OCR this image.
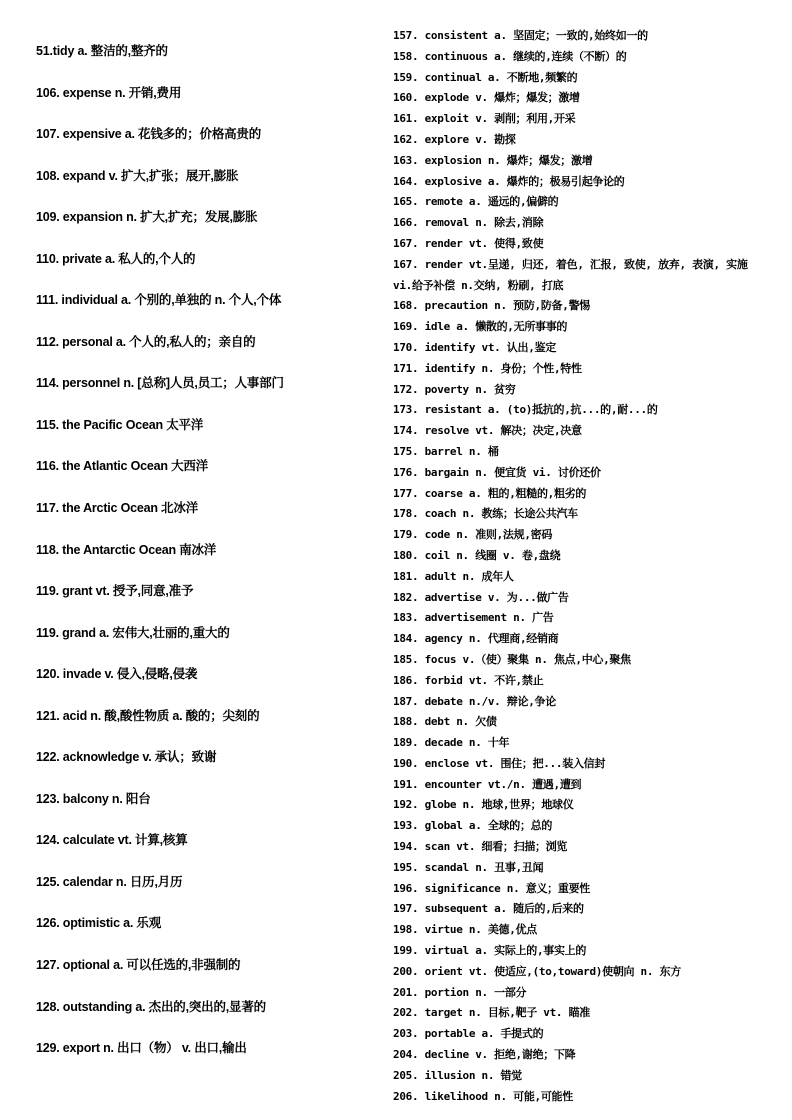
51.tidy a. 整洁的,整齐的
106. expense n. 开销,费用
107. expensive a. 花钱多的；价格高贵的
108. expand v. 扩大,扩张；展开,膨胀
109. expansion n. 扩大,扩充；发展,膨胀
110. private a. 私人的,个人的
111. individual a. 个别的,单独的 n. 个人,个体
112. personal a. 个人的,私人的；亲自的
114. personnel n. [总称]人员,员工；人事部门
115. the Pacific Ocean 太平洋
116. the Atlantic Ocean 大西洋
117. the Arctic Ocean 北冰洋
118. the Antarctic Ocean 南冰洋
119. grant vt. 授予,同意,准予
119. grand a. 宏伟大,壮丽的,重大的
120. invade v. 侵入,侵略,侵袭
121. acid n. 酸,酸性物质 a. 酸的；尖刻的
122. acknowledge v. 承认；致谢
123. balcony n. 阳台
124. calculate vt. 计算,核算
125. calendar n. 日历,月历
126. optimistic a. 乐观
127. optional a. 可以任选的,非强制的
128. outstanding a. 杰出的,突出的,显著的
129. export n. 出口（物） v. 出口,输出
157. consistent a. 坚固定；一致的,始终如一的
158. continuous a. 继续的,连续（不断）的
159. continual a. 不断地,频繁的
160. explode v. 爆炸；爆发；激增
161. exploit v. 剥削；利用,开采
162. explore v. 勘探
163. explosion n. 爆炸；爆发；激增
164. explosive a. 爆炸的；极易引起争论的
165. remote a. 遥远的,偏僻的
166. removal n. 除去,消除
167. render vt. 使得,致使
167. render vt.呈递, 归还, 着色, 汇报, 致使, 放弃, 表演, 实施 vi.给予补偿 n.交纳, 粉刷, 打底
168. precaution n. 预防,防备,警惕
169. idle a. 懒散的,无所事事的
170. identify vt. 认出,鉴定
171. identify n. 身份；个性,特性
172. poverty n. 贫穷
173. resistant a. (to)抵抗的,抗...的,耐...的
174. resolve vt. 解决；决定,决意
175. barrel n. 桶
176. bargain n. 便宜货 vi. 讨价还价
177. coarse a. 粗的,粗糙的,粗劣的
178. coach n. 教练；长途公共汽车
179. code n. 准则,法规,密码
180. coil n. 线圈 v. 卷,盘绕
181. adult n. 成年人
182. advertise v. 为...做广告
183. advertisement n. 广告
184. agency n. 代理商,经销商
185. focus v.（使）聚集 n. 焦点,中心,聚焦
186. forbid vt. 不许,禁止
187. debate n./v. 辩论,争论
188. debt n. 欠债
189. decade n. 十年
190. enclose vt. 围住；把...装入信封
191. encounter vt./n. 遭遇,遭到
192. globe n. 地球,世界；地球仪
193. global a. 全球的；总的
194. scan vt. 细看；扫描；浏览
195. scandal n. 丑事,丑闻
196. significance n. 意义；重要性
197. subsequent a. 随后的,后来的
198. virtue n. 美德,优点
199. virtual a. 实际上的,事实上的
200. orient vt. 使适应,(to,toward)使朝向 n. 东方
201. portion n. 一部分
202. target n. 目标,靶子 vt. 瞄准
203. portable a. 手提式的
204. decline v. 拒绝,谢绝；下降
205. illusion n. 错觉
206. likelihood n. 可能,可能性
